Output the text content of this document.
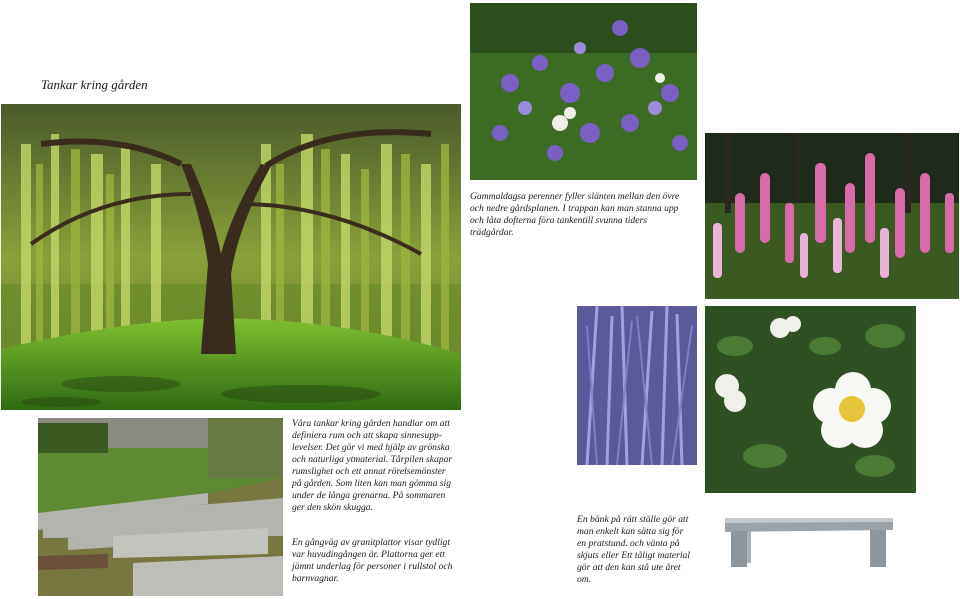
Tankar kring gården
Gammaldagsa perenner fyller slänten mellan den övre
och nedre gårdsplanen. I trappan kan man stanna upp
och låta dofterna föra tankentill svunna tiders
trädgårdar.
Våra tankar kring gården handlar om att
definiera rum och att skapa sinnesupp-
levelser. Det gör vi med hjälp av grönska
och naturliga ytmaterial. Tårpilen skapar
rumslighet och ett annat rörelsemönster
på gården. Som liten kan man gömma sig
under de långa grenarna. På sommaren
ger den skön skugga.
En gångväg av granitplattor visar tydligt
var huvudingången är. Plattorna ger ett
jämnt underlag för personer i rullstol och
barnvagnar.
En bänk på rätt ställe gör att
man enkelt kan sätta sig för
en pratstund. och vänta på
skjuts eller Ett tåligt material
gör att den kan stå ute året
om.
